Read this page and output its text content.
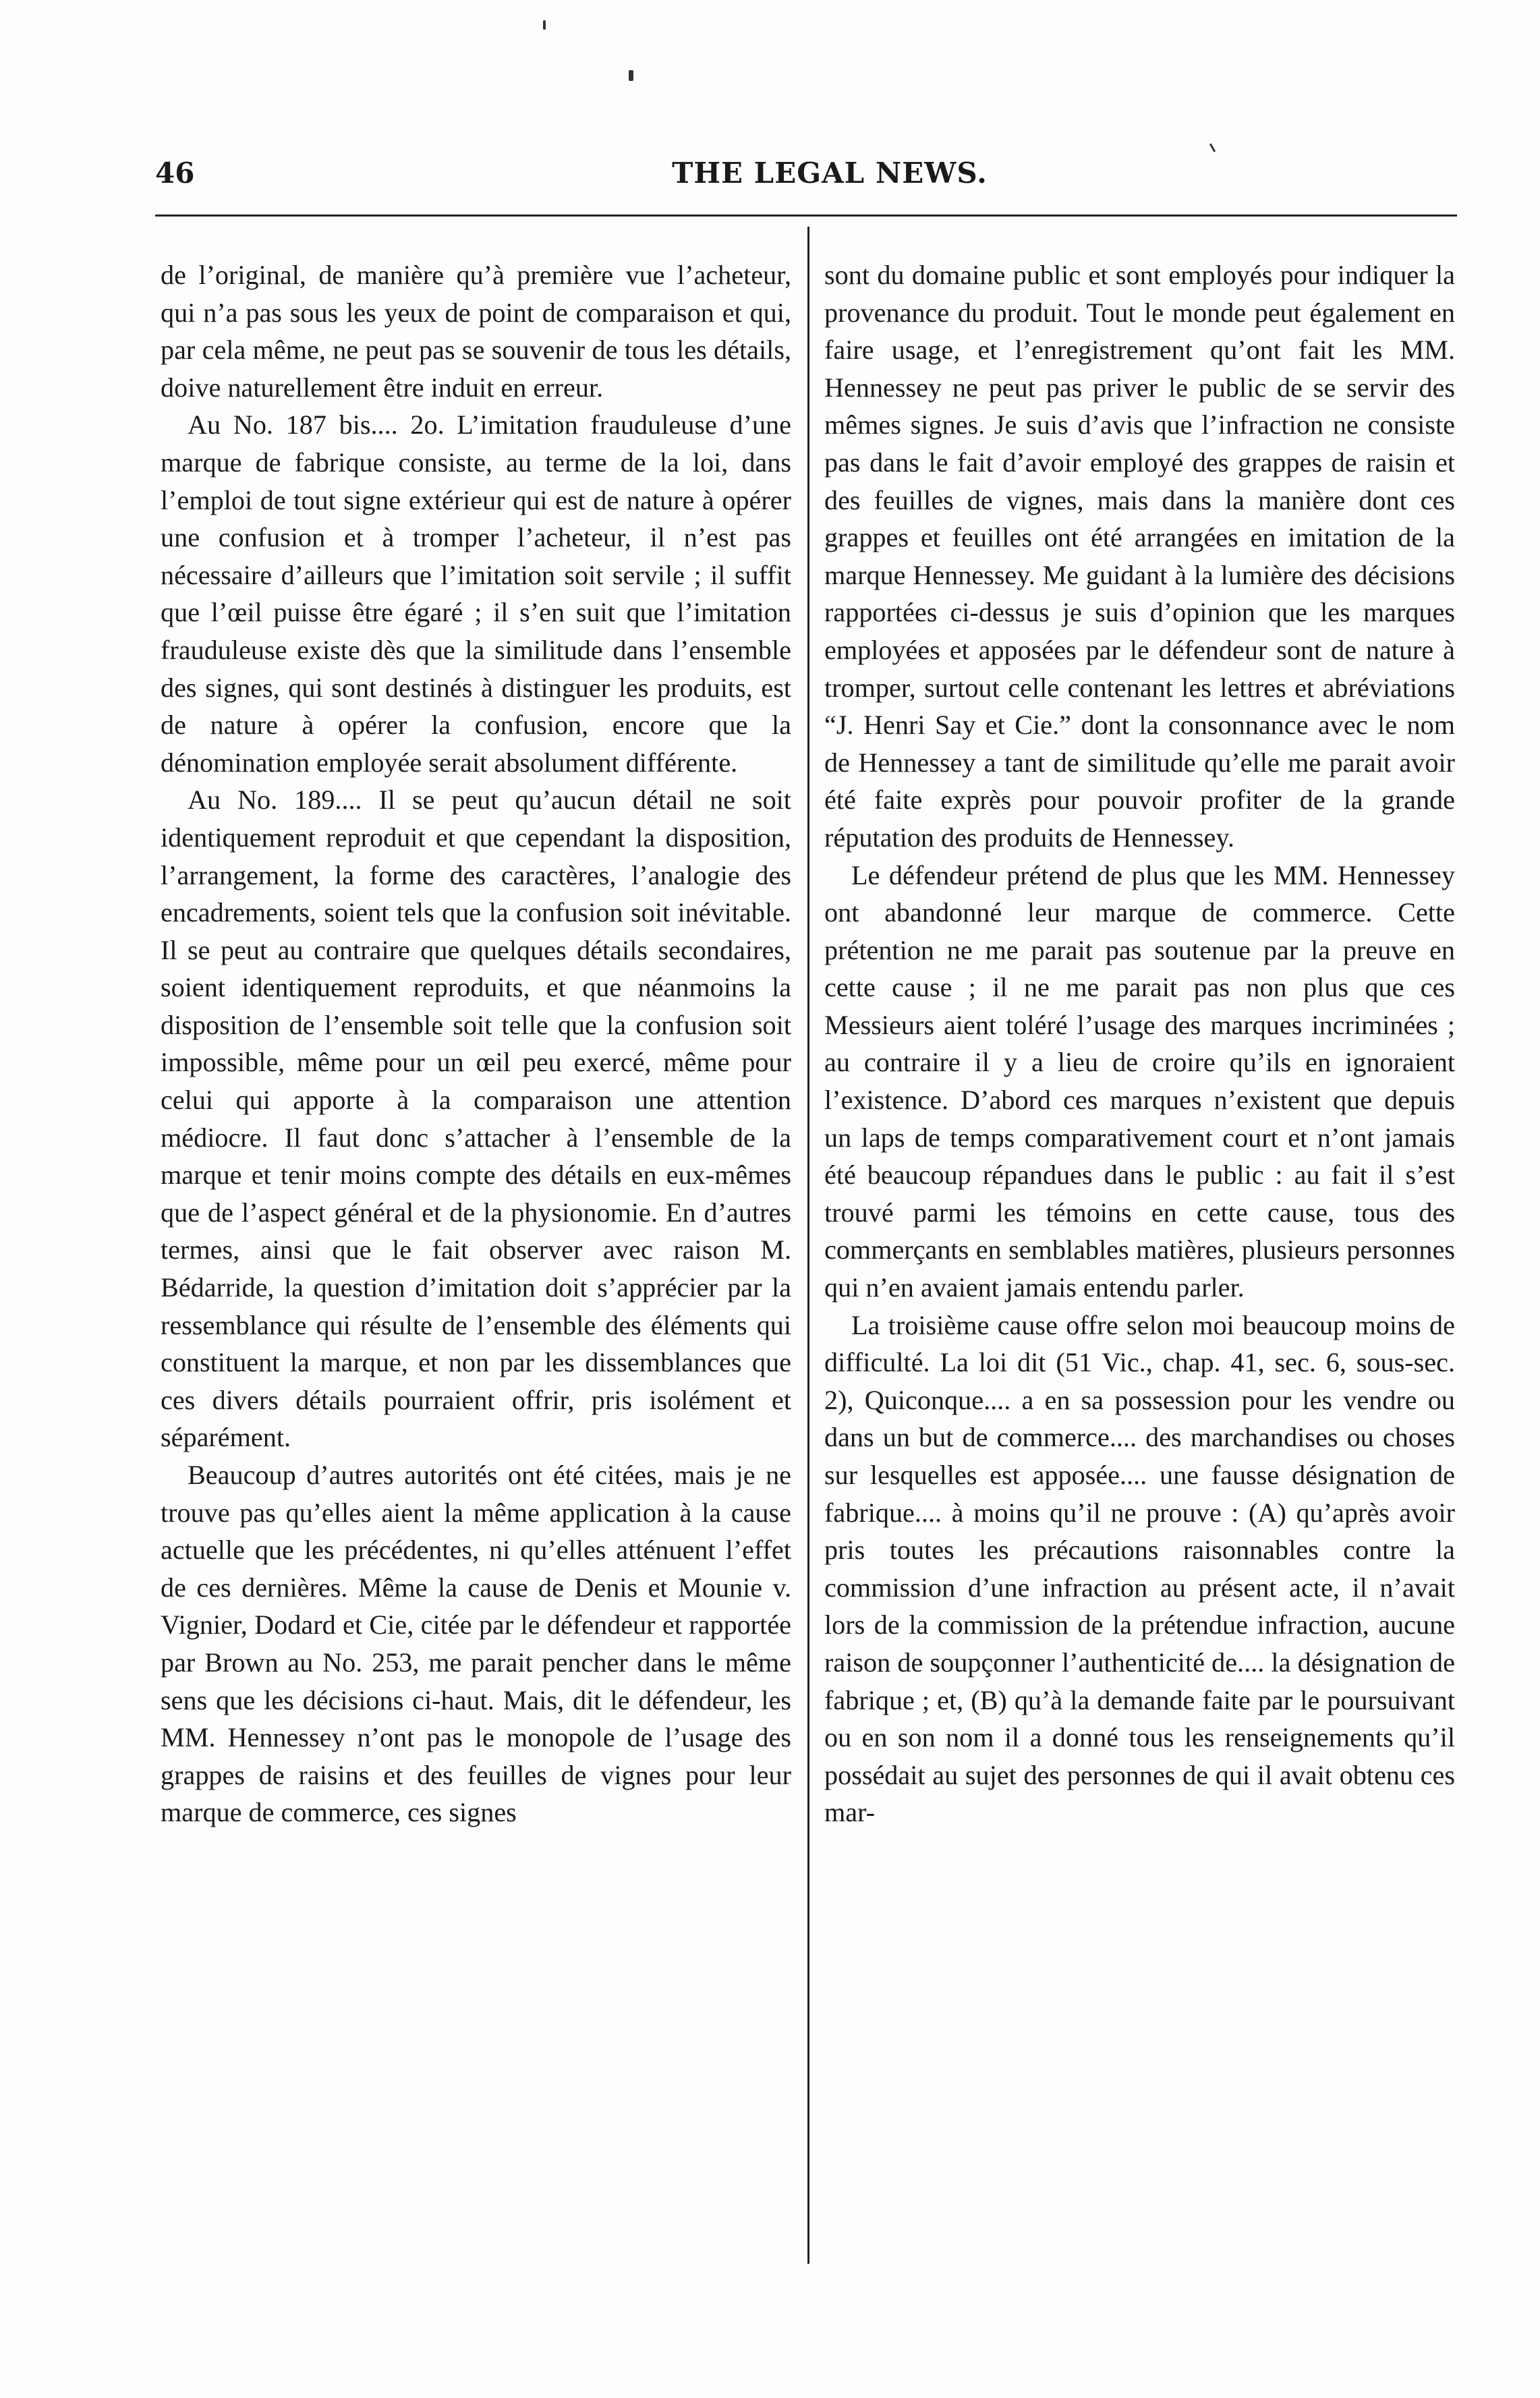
46	THE LEGAL NEWS.

de l’original, de manière qu’à première vue l’acheteur, qui n’a pas sous les yeux de point de comparaison et qui, par cela même, ne peut pas se souvenir de tous les détails, doive naturellement être induit en erreur.

Au No. 187 bis.... 2o. L’imitation frauduleuse d’une marque de fabrique consiste, au terme de la loi, dans l’emploi de tout signe extérieur qui est de nature à opérer une confusion et à tromper l’acheteur, il n’est pas nécessaire d’ailleurs que l’imitation soit servile ; il suffit que l’œil puisse être égaré ; il s’en suit que l’imitation frauduleuse existe dès que la similitude dans l’ensemble des signes, qui sont destinés à distinguer les produits, est de nature à opérer la confusion, encore que la dénomination employée serait absolument différente.

Au No. 189.... Il se peut qu’aucun détail ne soit identiquement reproduit et que cependant la disposition, l’arrangement, la forme des caractères, l’analogie des encadrements, soient tels que la confusion soit inévitable. Il se peut au contraire que quelques détails secondaires, soient identiquement reproduits, et que néanmoins la disposition de l’ensemble soit telle que la confusion soit impossible, même pour un œil peu exercé, même pour celui qui apporte à la comparaison une attention médiocre. Il faut donc s’attacher à l’ensemble de la marque et tenir moins compte des détails en eux-mêmes que de l’aspect général et de la physionomie. En d’autres termes, ainsi que le fait observer avec raison M. Bédarride, la question d’imitation doit s’apprécier par la ressemblance qui résulte de l’ensemble des éléments qui constituent la marque, et non par les dissemblances que ces divers détails pourraient offrir, pris isolément et séparément.

Beaucoup d’autres autorités ont été citées, mais je ne trouve pas qu’elles aient la même application à la cause actuelle que les précédentes, ni qu’elles atténuent l’effet de ces dernières. Même la cause de Denis et Mounie v. Vignier, Dodard et Cie, citée par le défendeur et rapportée par Brown au No. 253, me parait pencher dans le même sens que les décisions ci-haut. Mais, dit le défendeur, les MM. Hennessey n’ont pas le monopole de l’usage des grappes de raisins et des feuilles de vignes pour leur marque de commerce, ces signes

sont du domaine public et sont employés pour indiquer la provenance du produit. Tout le monde peut également en faire usage, et l’enregistrement qu’ont fait les MM. Hennessey ne peut pas priver le public de se servir des mêmes signes. Je suis d’avis que l’infraction ne consiste pas dans le fait d’avoir employé des grappes de raisin et des feuilles de vignes, mais dans la manière dont ces grappes et feuilles ont été arrangées en imitation de la marque Hennessey. Me guidant à la lumière des décisions rapportées ci-dessus je suis d’opinion que les marques employées et apposées par le défendeur sont de nature à tromper, surtout celle contenant les lettres et abréviations “J. Henri Say et Cie.” dont la consonnance avec le nom de Hennessey a tant de similitude qu’elle me parait avoir été faite exprès pour pouvoir profiter de la grande réputation des produits de Hennessey.

Le défendeur prétend de plus que les MM. Hennessey ont abandonné leur marque de commerce. Cette prétention ne me parait pas soutenue par la preuve en cette cause ; il ne me parait pas non plus que ces Messieurs aient toléré l’usage des marques incriminées ; au contraire il y a lieu de croire qu’ils en ignoraient l’existence. D’abord ces marques n’existent que depuis un laps de temps comparativement court et n’ont jamais été beaucoup répandues dans le public : au fait il s’est trouvé parmi les témoins en cette cause, tous des commerçants en semblables matières, plusieurs personnes qui n’en avaient jamais entendu parler.

La troisième cause offre selon moi beaucoup moins de difficulté. La loi dit (51 Vic., chap. 41, sec. 6, sous-sec. 2), Quiconque.... a en sa possession pour les vendre ou dans un but de commerce.... des marchandises ou choses sur lesquelles est apposée.... une fausse désignation de fabrique.... à moins qu’il ne prouve : (A) qu’après avoir pris toutes les précautions raisonnables contre la commission d’une infraction au présent acte, il n’avait lors de la commission de la prétendue infraction, aucune raison de soupçonner l’authenticité de.... la désignation de fabrique ; et, (B) qu’à la demande faite par le poursuivant ou en son nom il a donné tous les renseignements qu’il possédait au sujet des personnes de qui il avait obtenu ces mar-
